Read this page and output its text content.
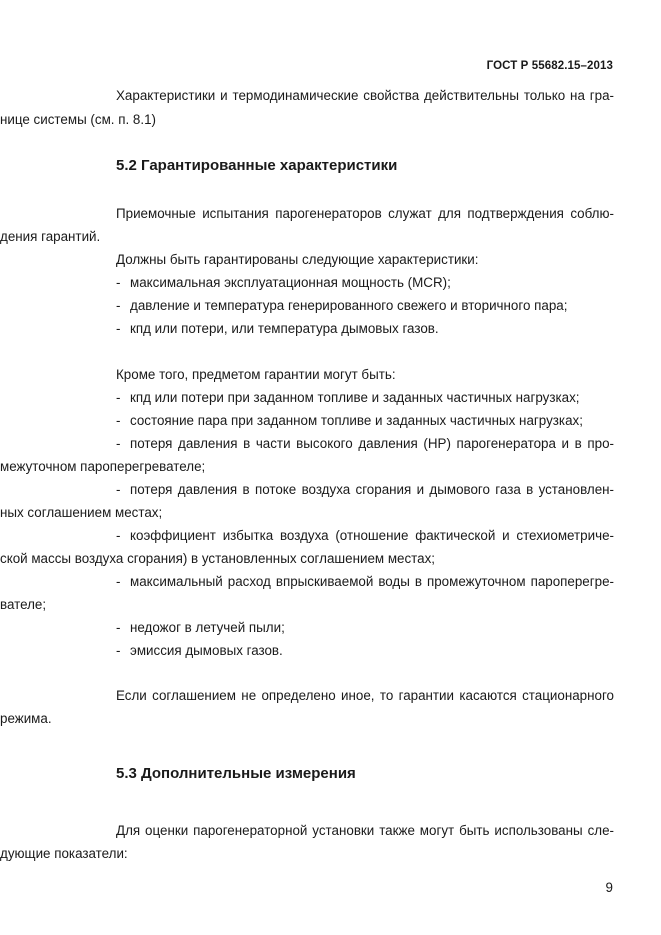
ГОСТ Р 55682.15–2013
Характеристики и термодинамические свойства действительны только на гра-
нице системы (см. п. 8.1)
5.2 Гарантированные характеристики
Приемочные испытания парогенераторов служат для подтверждения соблю-
дения гарантий.
Должны быть гарантированы следующие характеристики:
- максимальная эксплуатационная мощность (MCR);
- давление и температура генерированного свежего и вторичного пара;
- кпд или потери, или температура дымовых газов.
Кроме того, предметом гарантии могут быть:
- кпд или потери при заданном топливе и заданных частичных нагрузках;
- состояние пара при заданном топливе и заданных частичных нагрузках;
- потеря давления в части высокого давления (HP) парогенератора и в про-
межуточном пароперегревателе;
- потеря давления в потоке воздуха сгорания и дымового газа в установлен-
ных соглашением местах;
- коэффициент избытка воздуха (отношение фактической и стехиометриче-
ской массы воздуха сгорания) в установленных соглашением местах;
- максимальный расход впрыскиваемой воды в промежуточном пароперегре-
вателе;
- недожог в летучей пыли;
- эмиссия дымовых газов.
Если соглашением не определено иное, то гарантии касаются стационарного
режима.
5.3 Дополнительные измерения
Для оценки парогенераторной установки также могут быть использованы сле-
дующие показатели:
9
